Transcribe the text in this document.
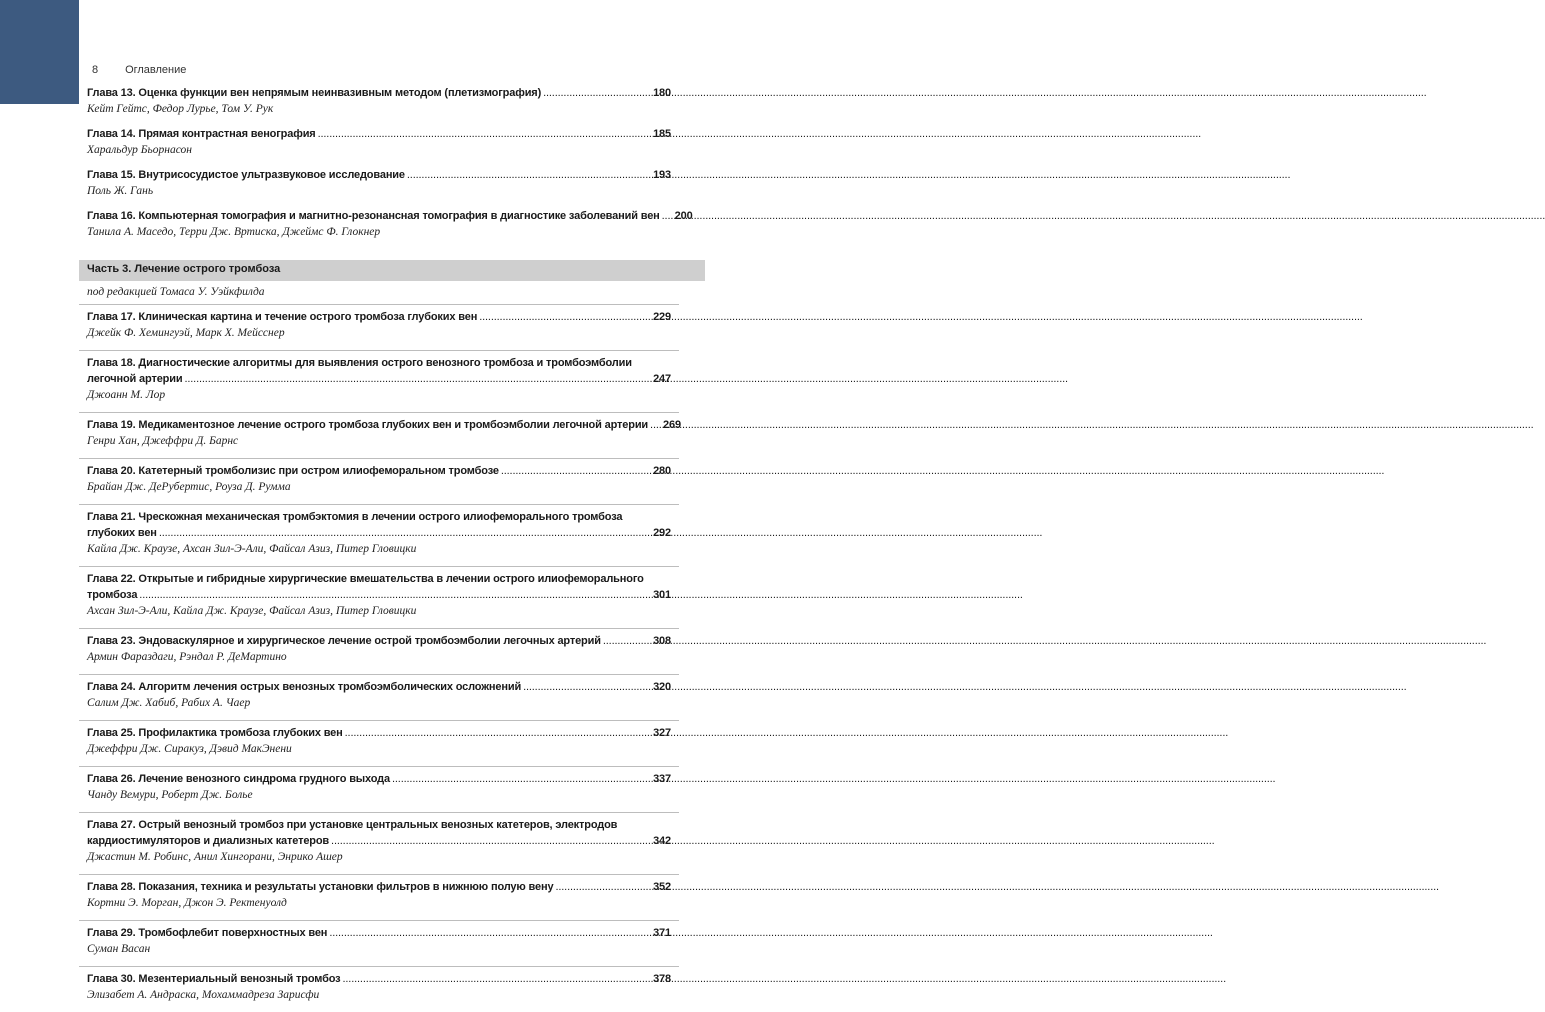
8 Оглавление
Глава 13. Оценка функции вен непрямым неинвазивным методом (плетизмография) .....	180
Кейт Гейтс, Федор Лурье, Том У. Рук
Глава 14. Прямая контрастная венография .....	185
Харальдур Бьорнасон
Глава 15. Внутрисосудистое ультразвуковое исследование .....	193
Поль Ж. Гань
Глава 16. Компьютерная томография и магнитно-резонансная томография в диагностике заболеваний вен ..... 200
Танила А. Маседо, Терри Дж. Вртиска, Джеймс Ф. Глокнер
Часть 3. Лечение острого тромбоза
под редакцией Томаса У. Уэйкфилда
Глава 17. Клиническая картина и течение острого тромбоза глубоких вен .....	229
Джейк Ф. Хемингуэй, Марк Х. Мейсснер
Глава 18. Диагностические алгоритмы для выявления острого венозного тромбоза и тромбоэмболии
легочной артерии .....	247
Джоанн М. Лор
Глава 19. Медикаментозное лечение острого тромбоза глубоких вен и тромбоэмболии легочной артерии ..... 269
Генри Хан, Джеффри Д. Барнс
Глава 20. Катетерный тромболизис при остром илиофеморальном тромбозе .....	280
Брайан Дж. ДеРубертис, Роуза Д. Румма
Глава 21. Чрескожная механическая тромбэктомия в лечении острого илиофеморального тромбоза
глубоких вен .....	292
Кайла Дж. Краузе, Ахсан Зил-Э-Али, Файсал Азиз, Питер Гловицки
Глава 22. Открытые и гибридные хирургические вмешательства в лечении острого илиофеморального
тромбоза .....	301
Ахсан Зил-Э-Али, Кайла Дж. Краузе, Файсал Азиз, Питер Гловицки
Глава 23. Эндоваскулярное и хирургическое лечение острой тромбоэмболии легочных артерий .....	308
Армин Фараздаги, Рэндал Р. ДеМартино
Глава 24. Алгоритм лечения острых венозных тромбоэмболических осложнений .....	320
Салим Дж. Хабиб, Рабих А. Чаер
Глава 25. Профилактика тромбоза глубоких вен .....	327
Джеффри Дж. Сиракуз, Дэвид МакЭнени
Глава 26. Лечение венозного синдрома грудного выхода .....	337
Чанду Вемури, Роберт Дж. Болье
Глава 27. Острый венозный тромбоз при установке центральных венозных катетеров, электродов
кардиостимуляторов и диализных катетеров .....	342
Джастин М. Робинс, Анил Хингорани, Энрико Ашер
Глава 28. Показания, техника и результаты установки фильтров в нижнюю полую вену .....	352
Кортни Э. Морган, Джон Э. Ректенуолд
Глава 29. Тромбофлебит поверхностных вен .....	371
Суман Васан
Глава 30. Мезентериальный венозный тромбоз .....	378
Элизабет А. Андраска, Мохаммадреза Зарисфи
